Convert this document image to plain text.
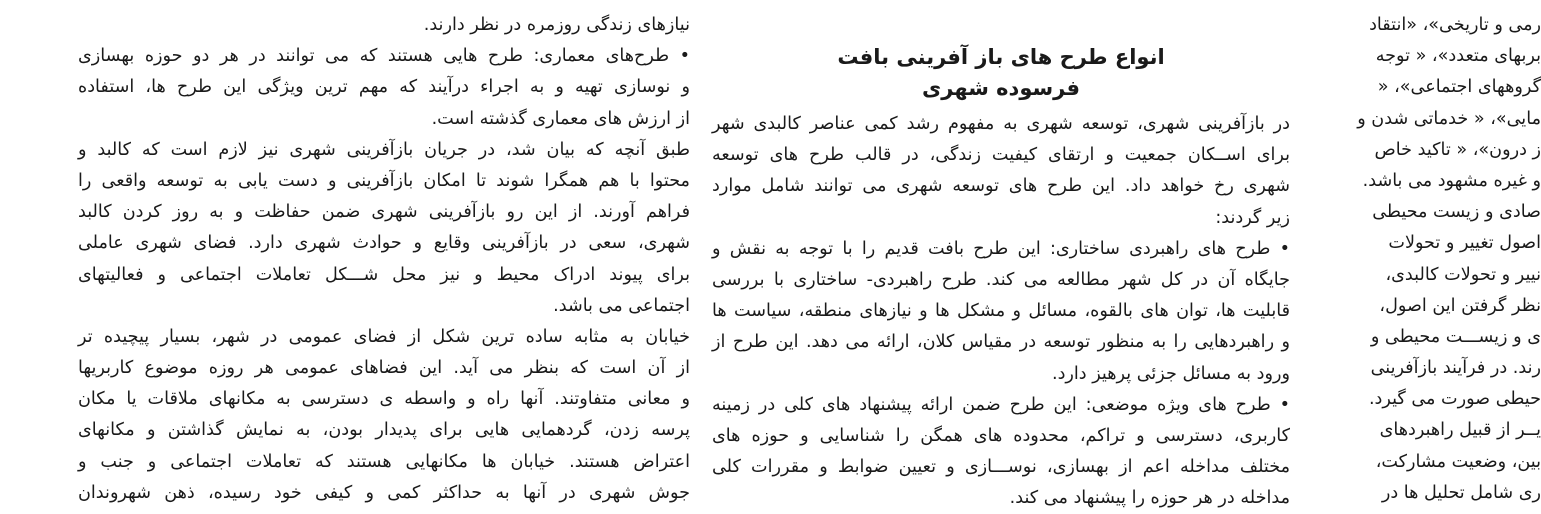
نیازهای زندگی روزمره در نظر دارند.
• طرح‌های معماری: طرح هایی هستند که می توانند در هر دو حوزه بهسازی
و نوسازی تهیه و به اجراء درآیند که مهم ترین ویژگی این طرح ها، استفاده
از ارزش های معماری گذشته است.
طبق آنچه که بیان شد، در جریان بازآفرینی شهری نیز لازم است که کالبد و
محتوا با هم همگرا شوند تا امکان بازآفرینی و دست یابی به توسعه واقعی را
فراهم آورند. از این رو بازآفرینی شهری ضمن حفاظت و به روز کردن کالبد
شهری، سعی در بازآفرینی وقایع و حوادث شهری دارد. فضای شهری عاملی
برای پیوند ادراک محیط و نیز محل شـــکل تعاملات اجتماعی و فعالیتهای
اجتماعی می باشد.
خیابان به مثابه ساده ترین شکل از فضای عمومی در شهر، بسیار پیچیده تر
از آن است که بنظر می آید. این فضاهای عمومی هر روزه موضوع کاربریها
و معانی متفاوتند. آنها راه و واسطه ی دسترسی به مکانهای ملاقات یا مکان
پرسه زدن، گردهمایی هایی برای پدیدار بودن، به نمایش گذاشتن و مکانهای
اعتراض هستند. خیابان ها مکانهایی هستند که تعاملات اجتماعی و جنب و
جوش شهری در آنها به حداکثر کمی و کیفی خود رسیده، ذهن شهروندان
انواع طرح های باز آفرینی بافت
فرسوده شهری
در بازآفرینی شهری، توسعه شهری به مفهوم رشد کمی عناصر کالبدی شهر
برای اســکان جمعیت و ارتقای کیفیت زندگی، در قالب طرح های توسعه
شهری رخ خواهد داد. این طرح های توسعه شهری می توانند شامل موارد
زیر گردند:
• طرح های راهبردی ساختاری: این طرح بافت قدیم را با توجه به نقش و
جایگاه آن در کل شهر مطالعه می کند. طرح راهبردی- ساختاری با بررسی
قابلیت ها، توان های بالقوه، مسائل و مشکل ها و نیازهای منطقه، سیاست ها
و راهبردهایی را به منظور توسعه در مقیاس کلان، ارائه می دهد. این طرح از
ورود به مسائل جزئی پرهیز دارد.
• طرح های ویژه موضعی: این طرح ضمن ارائه پیشنهاد های کلی در زمینه
کاربری، دسترسی و تراکم، محدوده های همگن را شناسایی و حوزه های
مختلف مداخله اعم از بهسازی، نوســـازی و تعیین ضوابط و مقررات کلی
مداخله در هر حوزه را پیشنهاد می کند.
رمی و تاریخی»، «انتقاد
بربهای متعدد»، « توجه
گروههای اجتماعی»، «
مایی»، « خدماتی شدن و
ز درون»، « تاکید خاص
و غیره مشهود می باشد.
صادی و زیست محیطی
اصول تغییر و تحولات
نییر و تحولات کالبدی،
نظر گرفتن این اصول،
ی و زیســـت محیطی و
رند. در فرآیند بازآفرینی
حیطی صورت می گیرد.
یــر از قبیل راهبردهای
بین، وضعیت مشارکت،
ری شامل تحلیل ها در
